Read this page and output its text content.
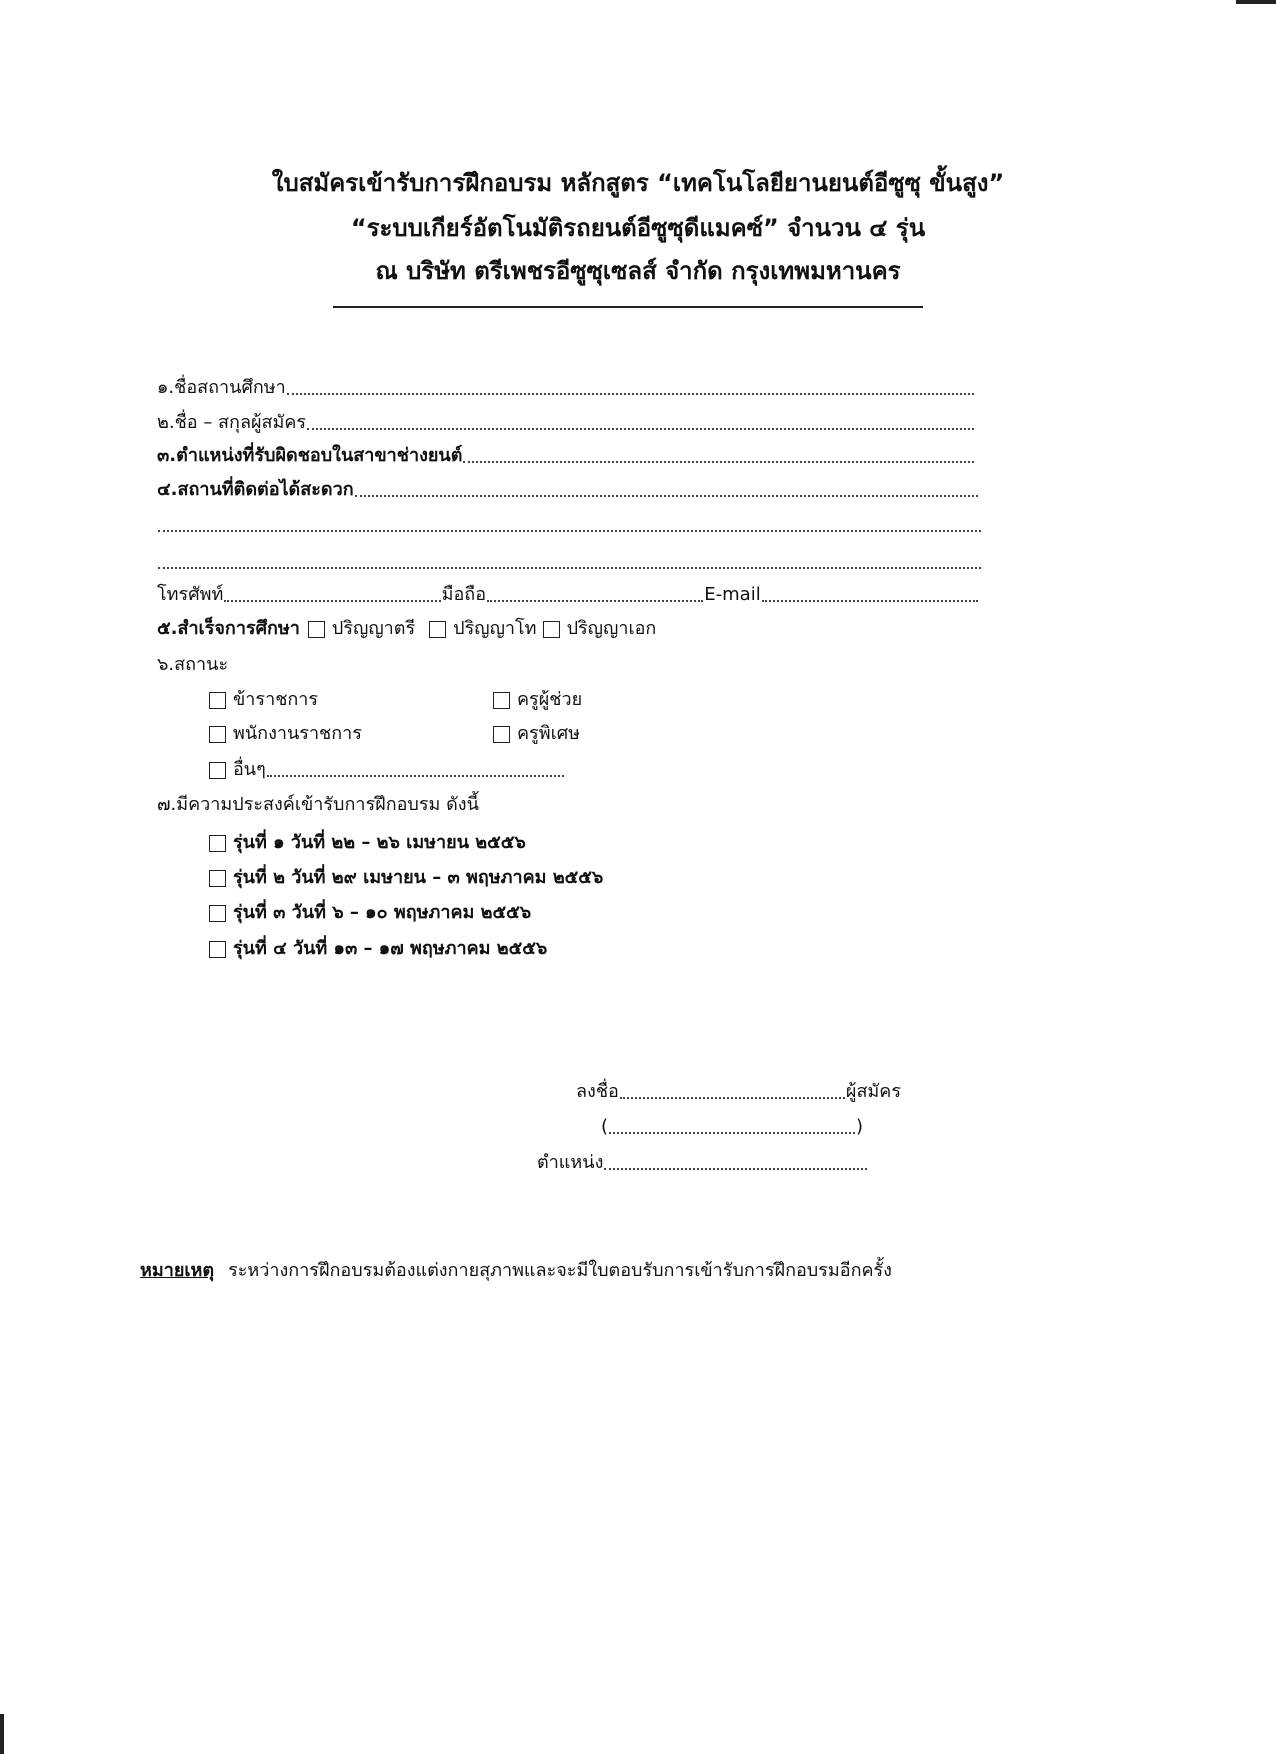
ใบสมัครเข้ารับการฝึกอบรม หลักสูตร “เทคโนโลยียานยนต์อีซูซุ ขั้นสูง”
“ระบบเกียร์อัตโนมัติรถยนต์อีซูซุดีแมคซ์” จำนวน ๔ รุ่น
ณ บริษัท ตรีเพชรอีซูซุเซลส์ จำกัด กรุงเทพมหานคร
๑.ชื่อสถานศึกษา
๒.ชื่อ – สกุลผู้สมัคร
๓.ตำแหน่งที่รับผิดชอบในสาขาช่างยนต์
๔.สถานที่ติดต่อได้สะดวก
โทรศัพท์	มือถือ	E-mail
๕.สำเร็จการศึกษา ปริญญาตรี ปริญญาโท ปริญญาเอก
๖.สถานะ
ข้าราชการ	ครูผู้ช่วย
พนักงานราชการ	ครูพิเศษ
อื่นๆ
๗.มีความประสงค์เข้ารับการฝึกอบรม ดังนี้
รุ่นที่ ๑ วันที่ ๒๒ – ๒๖ เมษายน ๒๕๕๖
รุ่นที่ ๒ วันที่ ๒๙ เมษายน – ๓ พฤษภาคม ๒๕๕๖
รุ่นที่ ๓ วันที่ ๖ – ๑๐ พฤษภาคม ๒๕๕๖
รุ่นที่ ๔ วันที่ ๑๓ – ๑๗ พฤษภาคม ๒๕๕๖
ลงชื่อ	ผู้สมัคร
(	)
ตำแหน่ง
หมายเหตุ ระหว่างการฝึกอบรมต้องแต่งกายสุภาพและจะมีใบตอบรับการเข้ารับการฝึกอบรมอีกครั้ง
